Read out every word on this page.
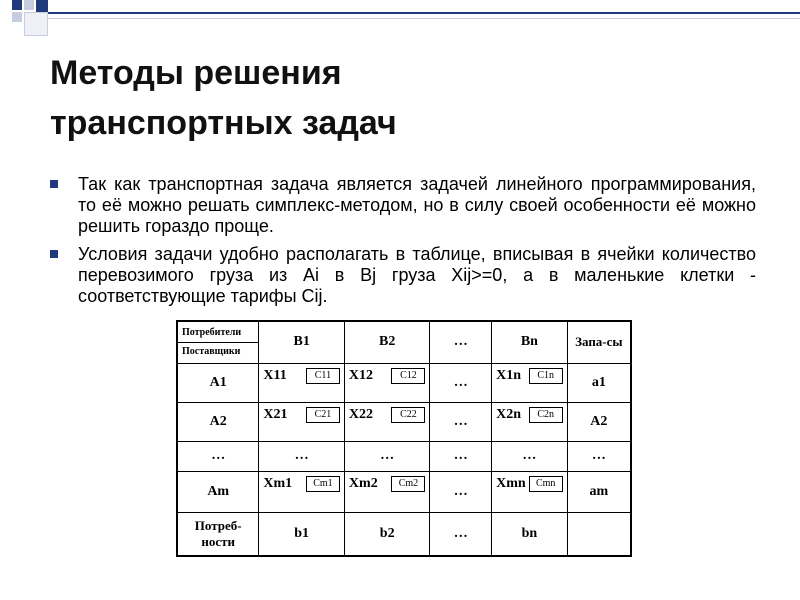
Методы решения
транспортных задач
Так как транспортная задача является задачей линейного программирования, то её можно решать симплекс-методом, но в силу своей особенности её можно решить гораздо проще.
Условия задачи удобно располагать в таблице, вписывая в ячейки количество перевозимого груза из Ai в Bj груза Xij>=0, а в маленькие клетки - соответствующие тарифы Cij.
Потребители
Поставщики	B1	B2	…	Bn	Запа-сы
A1	X11 C11	X12 C12	…	X1n C1n	a1
A2	X21 C21	X22 C22	…	X2n C2n	A2
…	…	…	…	…	…
Am	Xm1 Cm1	Xm2 Cm2	…	Xmn Cmn	am
Потреб-ности	b1	b2	…	bn	
